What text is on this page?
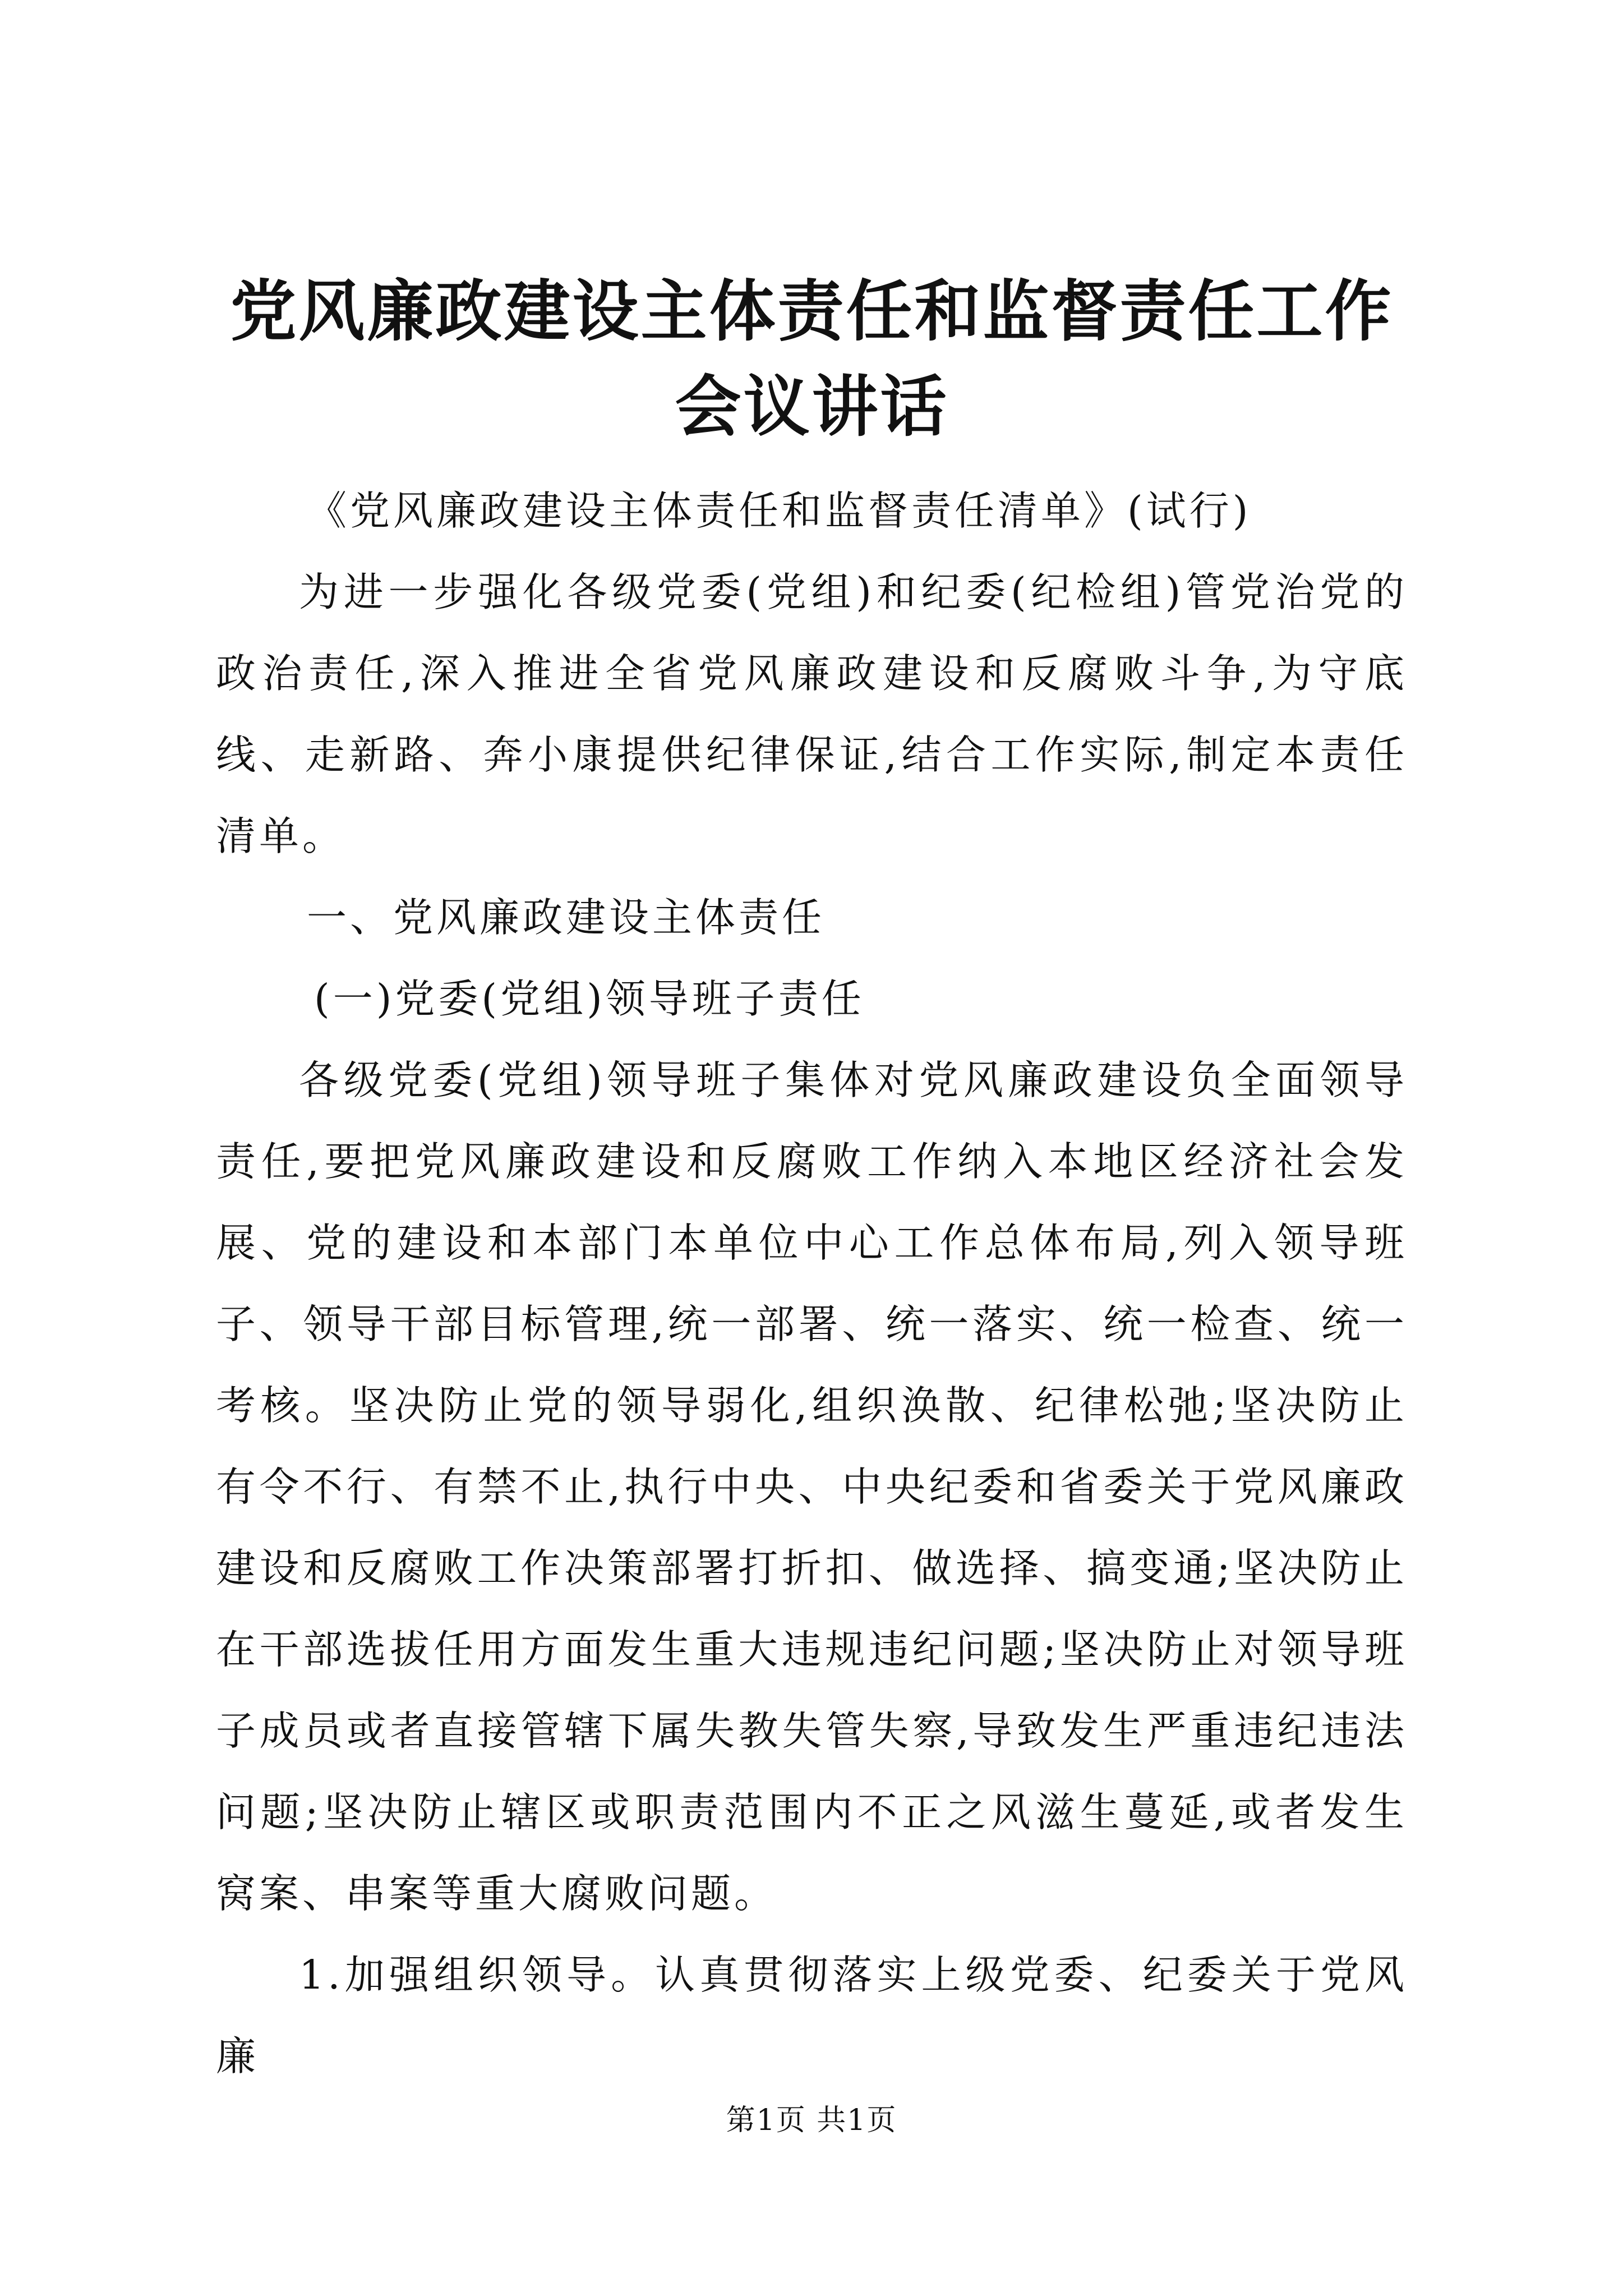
党风廉政建设主体责任和监督责任工作会议讲话

《党风廉政建设主体责任和监督责任清单》(试行)

为进一步强化各级党委(党组)和纪委(纪检组)管党治党的政治责任,深入推进全省党风廉政建设和反腐败斗争,为守底线、走新路、奔小康提供纪律保证,结合工作实际,制定本责任清单。

一、党风廉政建设主体责任

(一)党委(党组)领导班子责任

各级党委(党组)领导班子集体对党风廉政建设负全面领导责任,要把党风廉政建设和反腐败工作纳入本地区经济社会发展、党的建设和本部门本单位中心工作总体布局,列入领导班子、领导干部目标管理,统一部署、统一落实、统一检查、统一考核。坚决防止党的领导弱化,组织涣散、纪律松弛;坚决防止有令不行、有禁不止,执行中央、中央纪委和省委关于党风廉政建设和反腐败工作决策部署打折扣、做选择、搞变通;坚决防止在干部选拔任用方面发生重大违规违纪问题;坚决防止对领导班子成员或者直接管辖下属失教失管失察,导致发生严重违纪违法问题;坚决防止辖区或职责范围内不正之风滋生蔓延,或者发生窝案、串案等重大腐败问题。

1.加强组织领导。认真贯彻落实上级党委、纪委关于党风廉

第1页 共1页
